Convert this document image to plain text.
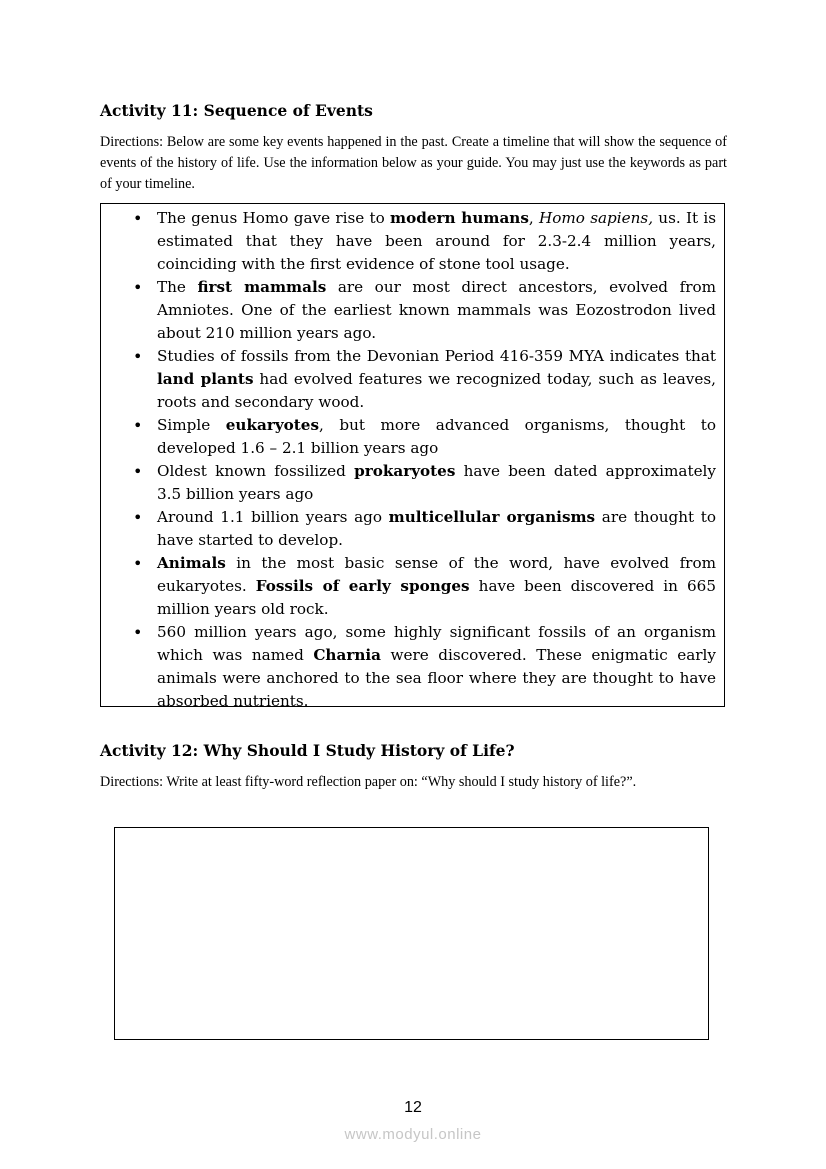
Activity 11: Sequence of Events

Directions: Below are some key events happened in the past. Create a timeline that will show the sequence of events of the history of life. Use the information below as your guide. You may just use the keywords as part of your timeline.

• The genus Homo gave rise to modern humans, Homo sapiens, us. It is estimated that they have been around for 2.3-2.4 million years, coinciding with the first evidence of stone tool usage.
• The first mammals are our most direct ancestors, evolved from Amniotes. One of the earliest known mammals was Eozostrodon lived about 210 million years ago.
• Studies of fossils from the Devonian Period 416-359 MYA indicates that land plants had evolved features we recognized today, such as leaves, roots and secondary wood.
• Simple eukaryotes, but more advanced organisms, thought to developed 1.6 – 2.1 billion years ago
• Oldest known fossilized prokaryotes have been dated approximately 3.5 billion years ago
• Around 1.1 billion years ago multicellular organisms are thought to have started to develop.
• Animals in the most basic sense of the word, have evolved from eukaryotes. Fossils of early sponges have been discovered in 665 million years old rock.
• 560 million years ago, some highly significant fossils of an organism which was named Charnia were discovered. These enigmatic early animals were anchored to the sea floor where they are thought to have absorbed nutrients.
Activity 12: Why Should I Study History of Life?

Directions: Write at least fifty-word reflection paper on: “Why should I study history of life?”.

12
www.modyul.online
